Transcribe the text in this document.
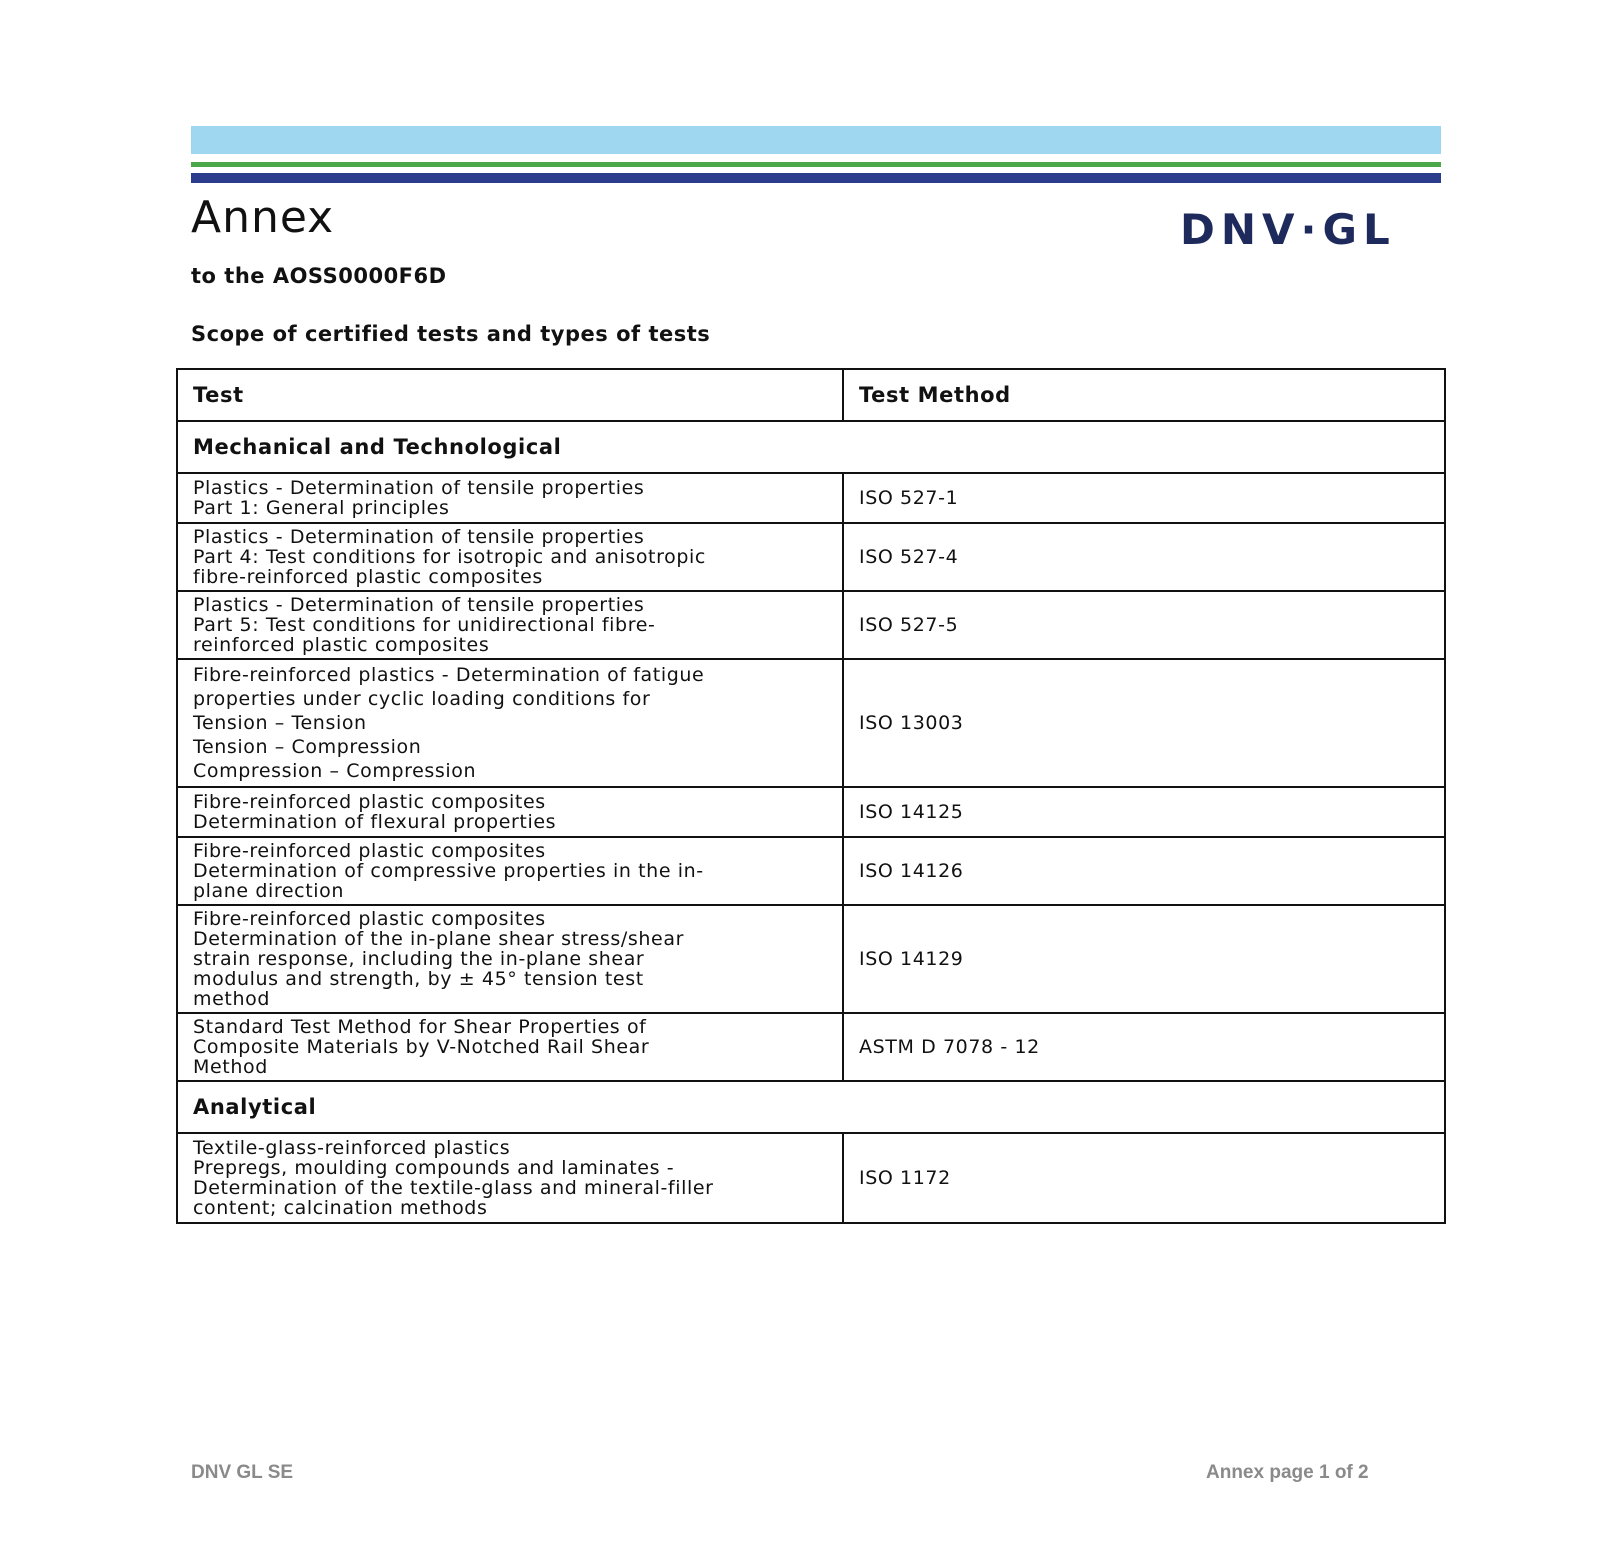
Annex	DNV·GL
to the AOSS0000F6D
Scope of certified tests and types of tests
Test	Test Method
Mechanical and Technological	
Plastics - Determination of tensile properties
Part 1: General principles	ISO 527-1
Plastics - Determination of tensile properties
Part 4: Test conditions for isotropic and anisotropic
fibre-reinforced plastic composites	ISO 527-4
Plastics - Determination of tensile properties
Part 5: Test conditions for unidirectional fibre-
reinforced plastic composites	ISO 527-5
Fibre-reinforced plastics - Determination of fatigue
properties under cyclic loading conditions for
Tension – Tension
Tension – Compression
Compression – Compression	ISO 13003
Fibre-reinforced plastic composites
Determination of flexural properties	ISO 14125
Fibre-reinforced plastic composites
Determination of compressive properties in the in-
plane direction	ISO 14126
Fibre-reinforced plastic composites
Determination of the in-plane shear stress/shear
strain response, including the in-plane shear
modulus and strength, by ± 45° tension test
method	ISO 14129
Standard Test Method for Shear Properties of
Composite Materials by V-Notched Rail Shear
Method	ASTM D 7078 - 12
Analytical	
Textile-glass-reinforced plastics
Prepregs, moulding compounds and laminates -
Determination of the textile-glass and mineral-filler
content; calcination methods	ISO 1172
DNV GL SE	Annex page 1 of 2
